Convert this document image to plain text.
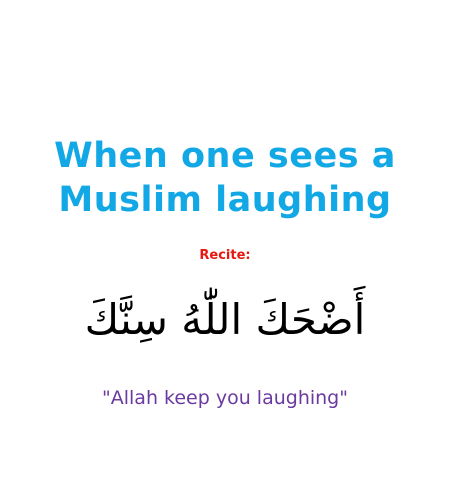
When one sees a
Muslim laughing
Recite:
أَضْحَكَ اللّٰهُ سِنَّكَ
"Allah keep you laughing"
